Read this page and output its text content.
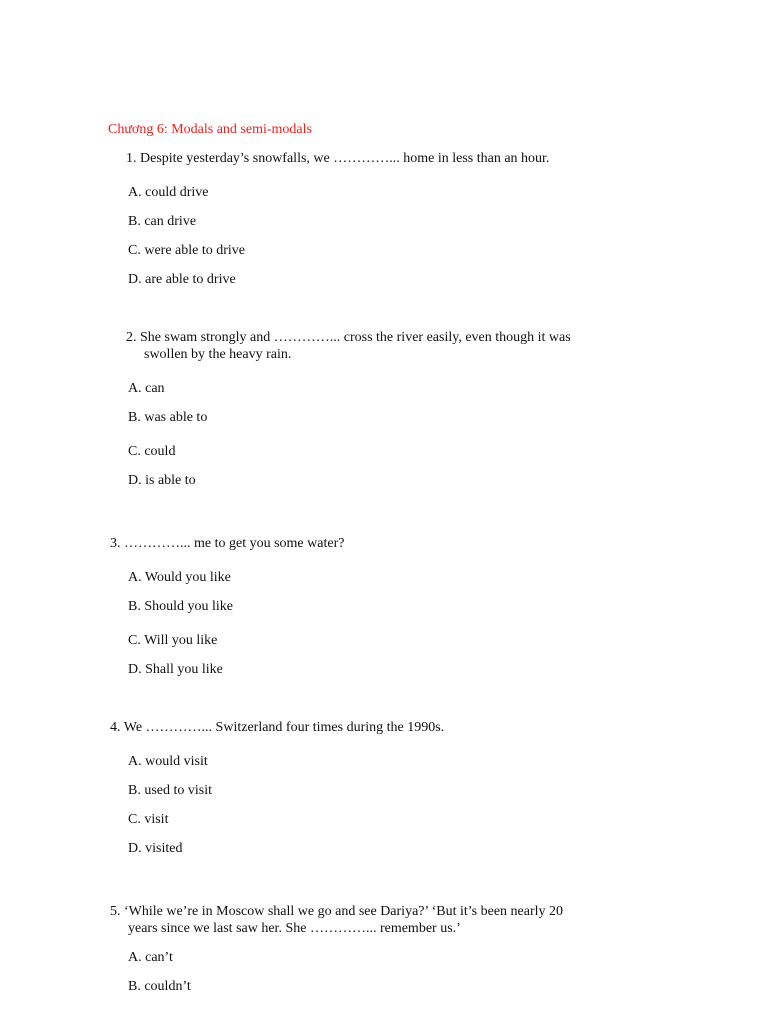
Chương 6: Modals and semi-modals
1. Despite yesterday’s snowfalls, we …………... home in less than an hour.
A. could drive
B. can drive
C. were able to drive
D. are able to drive
2. She swam strongly and …………... cross the river easily, even though it was
swollen by the heavy rain.
A. can
B. was able to
C. could
D. is able to
3. …………... me to get you some water?
A. Would you like
B. Should you like
C. Will you like
D. Shall you like
4. We …………... Switzerland four times during the 1990s.
A. would visit
B. used to visit
C. visit
D. visited
5. ‘While we’re in Moscow shall we go and see Dariya?’ ‘But it’s been nearly 20
years since we last saw her. She …………... remember us.’
A. can’t
B. couldn’t
